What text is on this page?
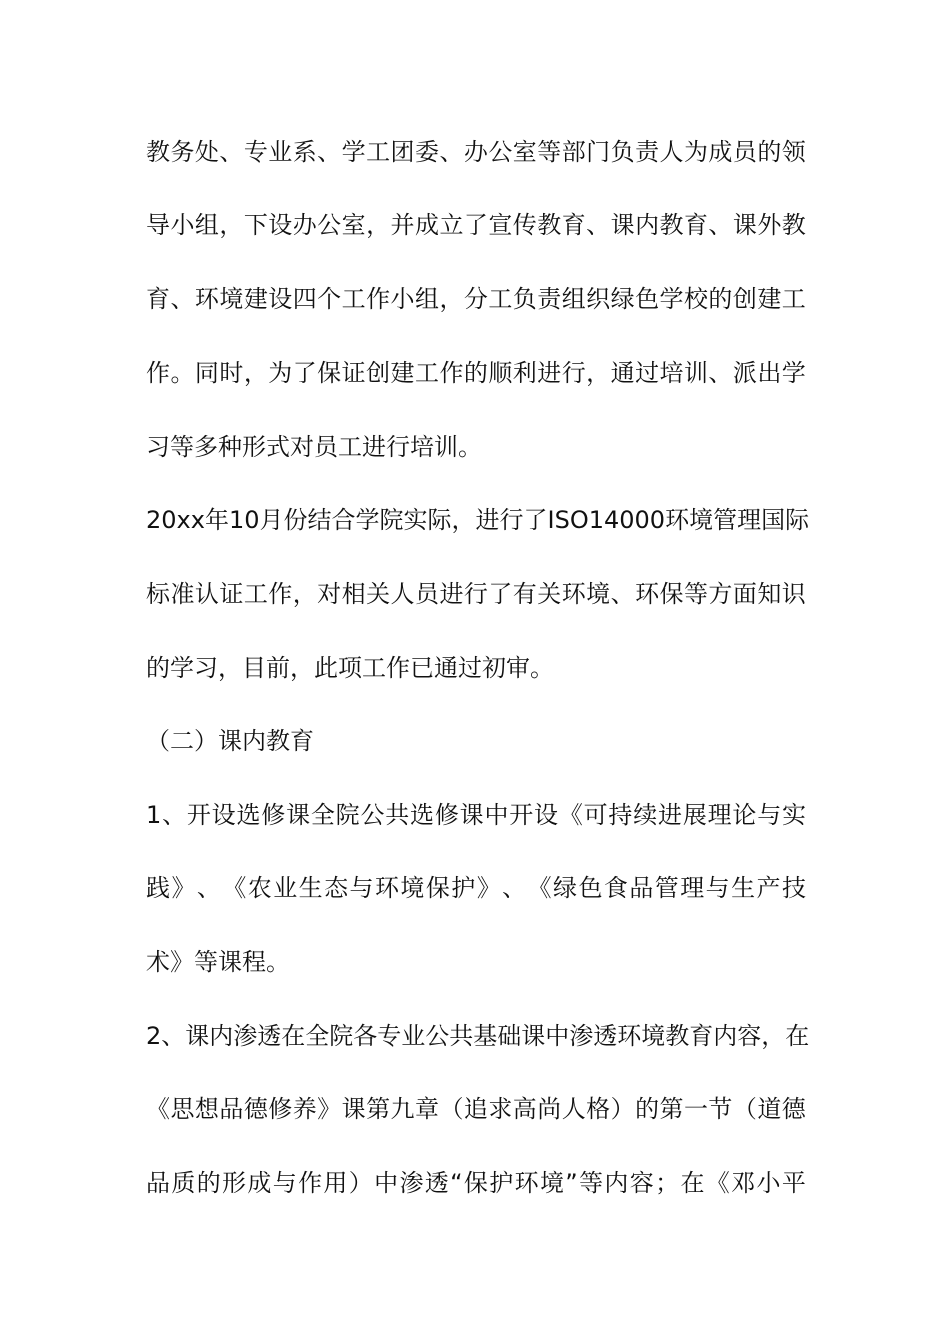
教 务 处 、 专 业 系 、 学 工 团 委 、 办 公 室 等 部 门 负 责 人 为 成 员 的 领
导 小 组 ， 下 设 办 公 室 ， 并 成 立 了 宣 传 教 育 、 课 内 教 育 、 课 外 教
育 、 环 境 建 设 四 个 工 作 小 组 ， 分 工 负 责 组 织 绿 色 学 校 的 创 建 工
作 。 同 时 ， 为 了 保 证 创 建 工 作 的 顺 利 进 行 ， 通 过 培 训 、 派 出 学
习等多种形式对员工进行培训。
20xx 年 10 月 份 结 合 学 院 实 际 ， 进 行 了 ISO14000 环 境 管 理 国 际
标 准 认 证 工 作 ， 对 相 关 人 员 进 行 了 有 关 环 境 、 环 保 等 方 面 知 识
的学习，目前，此项工作已通过初审。
（二）课内教育
1 、 开 设 选 修 课 全 院 公 共 选 修 课 中 开 设 《 可 持 续 进 展 理 论 与 实
践 》 、 《 农 业 生 态 与 环 境 保 护 》 、 《 绿 色 食 品 管 理 与 生 产 技
术》等课程。
2 、 课 内 渗 透 在 全 院 各 专 业 公 共 基 础 课 中 渗 透 环 境 教 育 内 容 ， 在
《 思 想 品 德 修 养 》 课 第 九 章 （ 追 求 高 尚 人 格 ） 的 第 一 节 （ 道 德
品 质 的 形 成 与 作 用 ） 中 渗 透 “ 保 护 环 境 ” 等 内 容 ； 在 《 邓 小 平
